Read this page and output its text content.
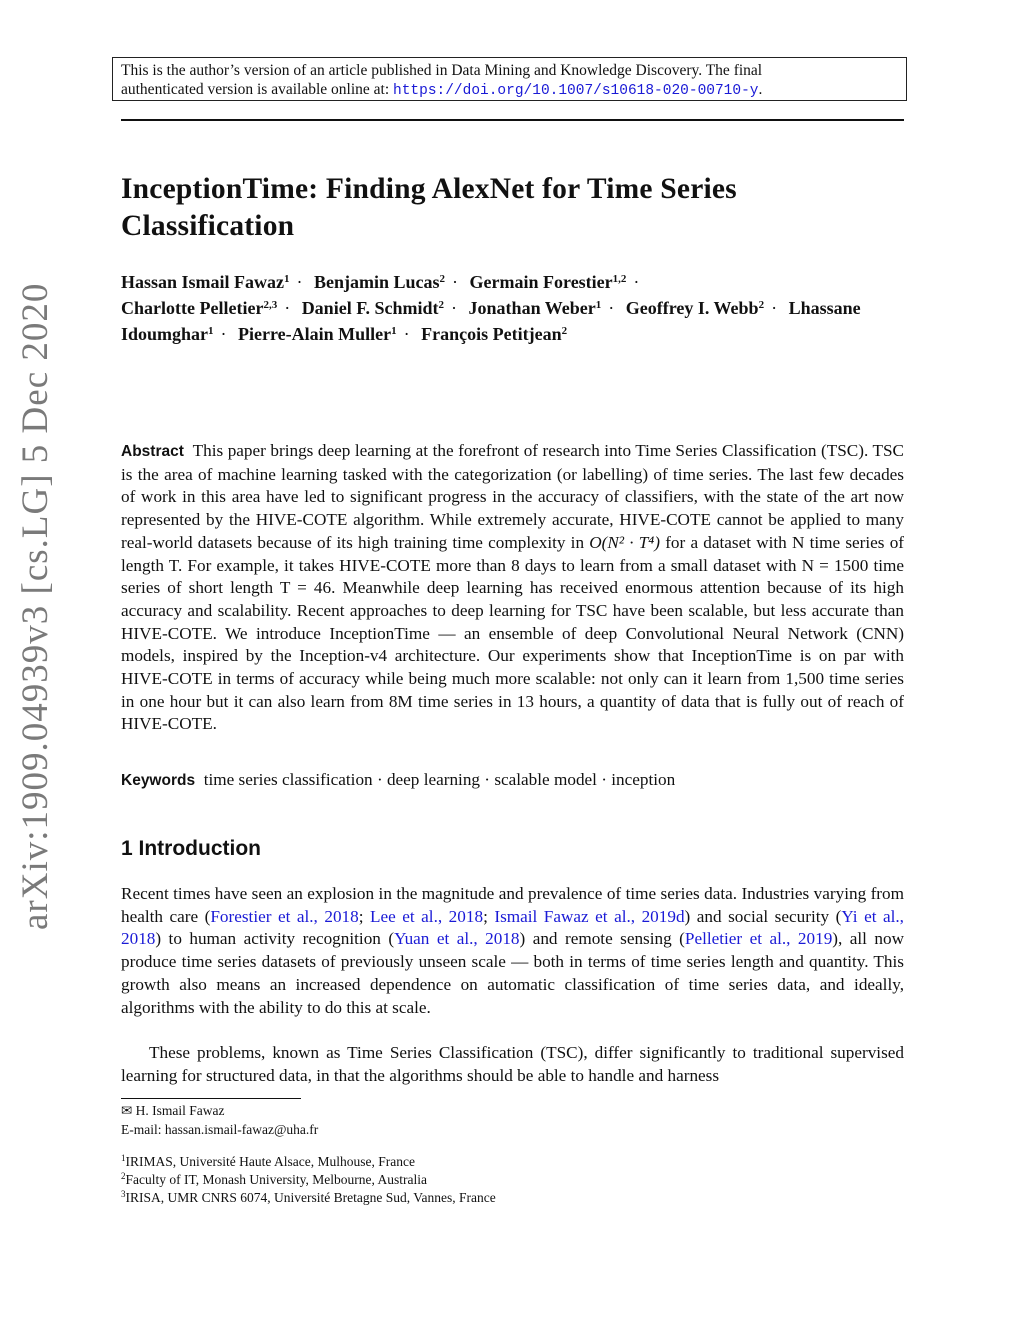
This is the author’s version of an article published in Data Mining and Knowledge Discovery. The final
authenticated version is available online at: https://doi.org/10.1007/s10618-020-00710-y.
InceptionTime: Finding AlexNet for Time Series Classification

Hassan Ismail Fawaz$^1$ · Benjamin Lucas$^2$ · Germain Forestier$^{1,2}$ ·
Charlotte Pelletier$^{2,3}$ · Daniel F. Schmidt$^2$ · Jonathan Weber$^1$ · Geoffrey I. Webb$^2$ · Lhassane Idoumghar$^1$ · Pierre-Alain Muller$^1$ · François Petitjean$^2$

arXiv:1909.04939v3 [cs.LG] 5 Dec 2020	Abstract This paper brings deep learning at the forefront of research into Time Series Classification (TSC). TSC is the area of machine learning tasked with the categorization (or labelling) of time series. The last few decades of work in this area have led to significant progress in the accuracy of classifiers, with the state of the art now represented by the HIVE-COTE algorithm. While extremely accurate, HIVE-COTE cannot be applied to many real-world datasets because of its high training time complexity in O(N² · T⁴) for a dataset with N time series of length T. For example, it takes HIVE-COTE more than 8 days to learn from a small dataset with N = 1500 time series of short length T = 46. Meanwhile deep learning has received enormous attention because of its high accuracy and scalability. Recent approaches to deep learning for TSC have been scalable, but less accurate than HIVE-COTE. We introduce InceptionTime — an ensemble of deep Convolutional Neural Network (CNN) models, inspired by the Inception-v4 architecture. Our experiments show that InceptionTime is on par with HIVE-COTE in terms of accuracy while being much more scalable: not only can it learn from 1,500 time series in one hour but it can also learn from 8M time series in 13 hours, a quantity of data that is fully out of reach of HIVE-COTE.

Keywords time series classification · deep learning · scalable model · inception

1 Introduction

Recent times have seen an explosion in the magnitude and prevalence of time series data. Industries varying from health care (Forestier et al., 2018; Lee et al., 2018; Ismail Fawaz et al., 2019d) and social security (Yi et al., 2018) to human activity recognition (Yuan et al., 2018) and remote sensing (Pelletier et al., 2019), all now produce time series datasets of previously unseen scale — both in terms of time series length and quantity. This growth also means an increased dependence on automatic classification of time series data, and ideally, algorithms with the ability to do this at scale.

These problems, known as Time Series Classification (TSC), differ significantly to traditional supervised learning for structured data, in that the algorithms should be able to handle and harness

✉ H. Ismail Fawaz

E-mail: hassan.ismail-fawaz@uha.fr

$^1$IRIMAS, Université Haute Alsace, Mulhouse, France

$^2$Faculty of IT, Monash University, Melbourne, Australia

$^3$IRISA, UMR CNRS 6074, Université Bretagne Sud, Vannes, France
